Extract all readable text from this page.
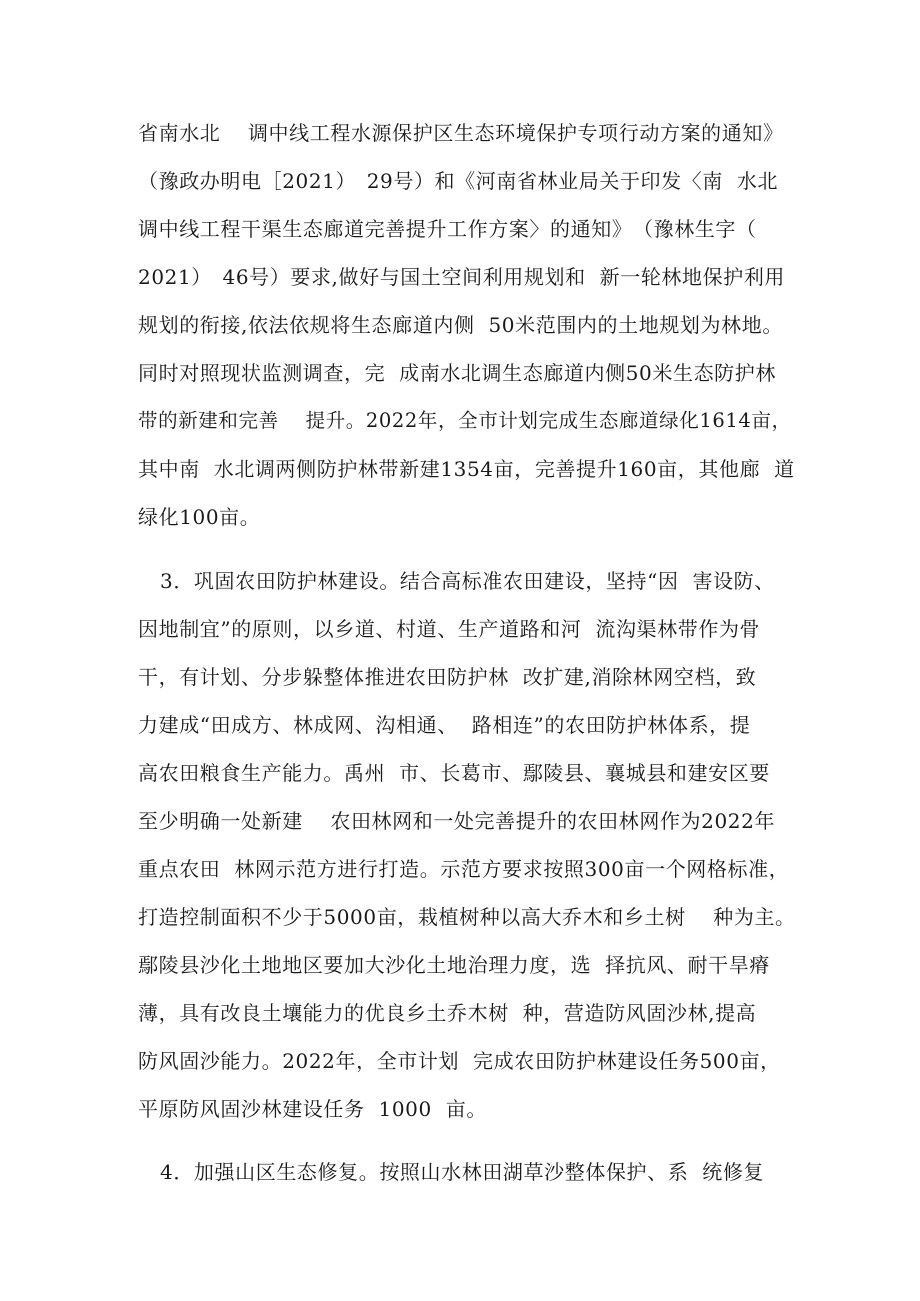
省南水北　 调中线工程水源保护区生态环境保护专项行动方案的通知》
（豫政办明电［2021）　29号）和《河南省林业局关于印发〈南  水北
调中线工程干渠生态廊道完善提升工作方案〉的通知》　（豫林生字（
2021）　46号）要求,做好与国土空间利用规划和  新一轮林地保护利用
规划的衔接,依法依规将生态廊道内侧  50米范围内的土地规划为林地。
同时对照现状监测调查，完  成南水北调生态廊道内侧50米生态防护林
带的新建和完善　 提升。2022年，全市计划完成生态廊道绿化1614亩，
其中南  水北调两侧防护林带新建1354亩，完善提升160亩，其他廊  道
绿化100亩。
3．巩固农田防护林建设。结合高标准农田建设，坚持“因  害设防、
因地制宜”的原则，以乡道、村道、生产道路和河  流沟渠林带作为骨
干，有计划、分步躲整体推进农田防护林  改扩建,消除林网空档，致
力建成“田成方、林成网、沟相通、  路相连”的农田防护林体系，提
高农田粮食生产能力。禹州  市、长葛市、鄢陵县、襄城县和建安区要
至少明确一处新建　 农田林网和一处完善提升的农田林网作为2022年
重点农田  林网示范方进行打造。示范方要求按照300亩一个网格标准，
打造控制面积不少于5000亩，栽植树种以高大乔木和乡土树　 种为主。
鄢陵县沙化土地地区要加大沙化土地治理力度，选  择抗风、耐干旱瘠
薄，具有改良土壤能力的优良乡土乔木树  种，营造防风固沙林,提高
防风固沙能力。2022年，全市计划  完成农田防护林建设任务500亩，
平原防风固沙林建设任务  1000  亩。
4．加强山区生态修复。按照山水林田湖草沙整体保护、系  统修复
